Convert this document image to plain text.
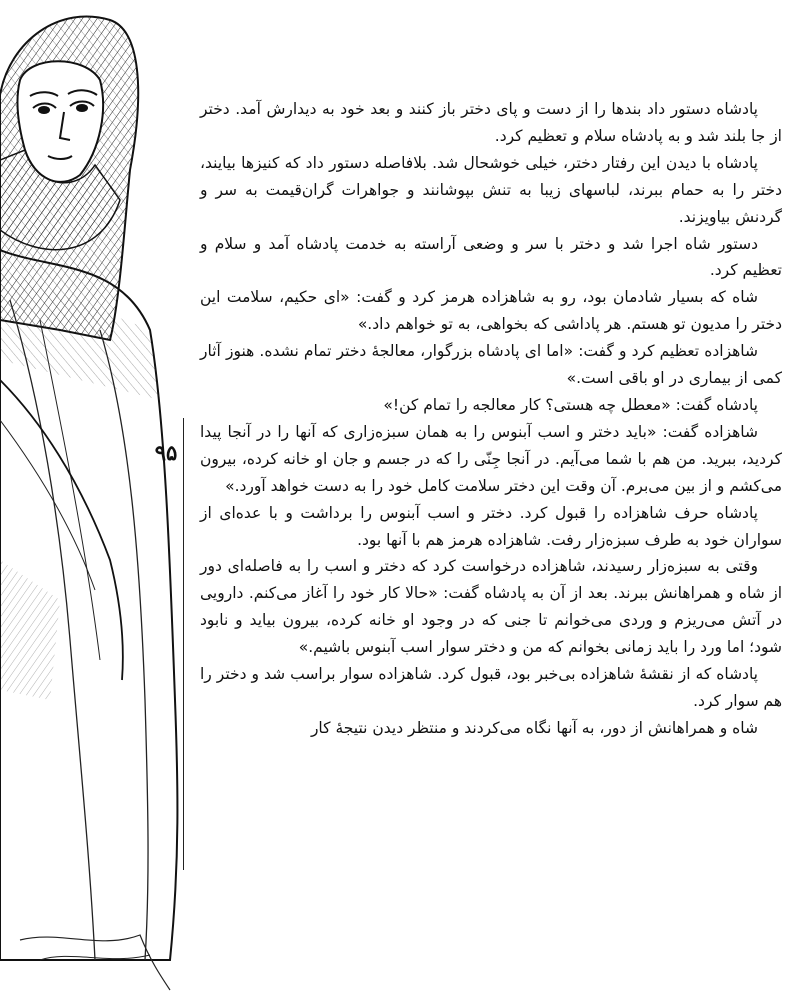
۹۵

پادشاه دستور داد بندها را از دست و پای دختر باز کنند و بعد خود به دیدارش آمد. دختر از جا بلند شد و به پادشاه سلام و تعظیم کرد.

پادشاه با دیدن این رفتار دختر، خیلی خوشحال شد. بلافاصله دستور داد که کنیزها بیایند، دختر را به حمام ببرند، لباسهای زیبا به تنش بپوشانند و جواهرات گران‌قیمت به سر و گردنش بیاویزند.

دستور شاه اجرا شد و دختر با سر و وضعی آراسته به خدمت پادشاه آمد و سلام و تعظیم کرد.

شاه که بسیار شادمان بود، رو به شاهزاده هرمز کرد و گفت: «ای حکیم، سلامت این دختر را مدیون تو هستم. هر پاداشی که بخواهی، به تو خواهم داد.»

شاهزاده تعظیم کرد و گفت: «اما ای پادشاه بزرگوار، معالجهٔ دختر تمام نشده. هنوز آثار کمی از بیماری در او باقی است.»

پادشاه گفت: «معطل چه هستی؟ کار معالجه را تمام کن!»

شاهزاده گفت: «باید دختر و اسب آبنوس را به همان سبزه‌زاری که آنها را در آنجا پیدا کردید، ببرید. من هم با شما می‌آیم. در آنجا جِنّی را که در جسم و جان او خانه کرده، بیرون می‌کشم و از بین می‌برم. آن وقت این دختر سلامت کامل خود را به دست خواهد آورد.»

پادشاه حرف شاهزاده را قبول کرد. دختر و اسب آبنوس را برداشت و با عده‌ای از سواران خود به طرف سبزه‌زار رفت. شاهزاده هرمز هم با آنها بود.

وقتی به سبزه‌زار رسیدند، شاهزاده درخواست کرد که دختر و اسب را به فاصله‌ای دور از شاه و همراهانش ببرند. بعد از آن به پادشاه گفت: «حالا کار خود را آغاز می‌کنم. دارویی در آتش می‌ریزم و وردی می‌خوانم تا جنی که در وجود او خانه کرده، بیرون بیاید و نابود شود؛ اما ورد را باید زمانی بخوانم که من و دختر سوار اسب آبنوس باشیم.»

پادشاه که از نقشهٔ شاهزاده بی‌خبر بود، قبول کرد. شاهزاده سوار براسب شد و دختر را هم سوار کرد.

شاه و همراهانش از دور، به آنها نگاه می‌کردند و منتظر دیدن نتیجهٔ کار
